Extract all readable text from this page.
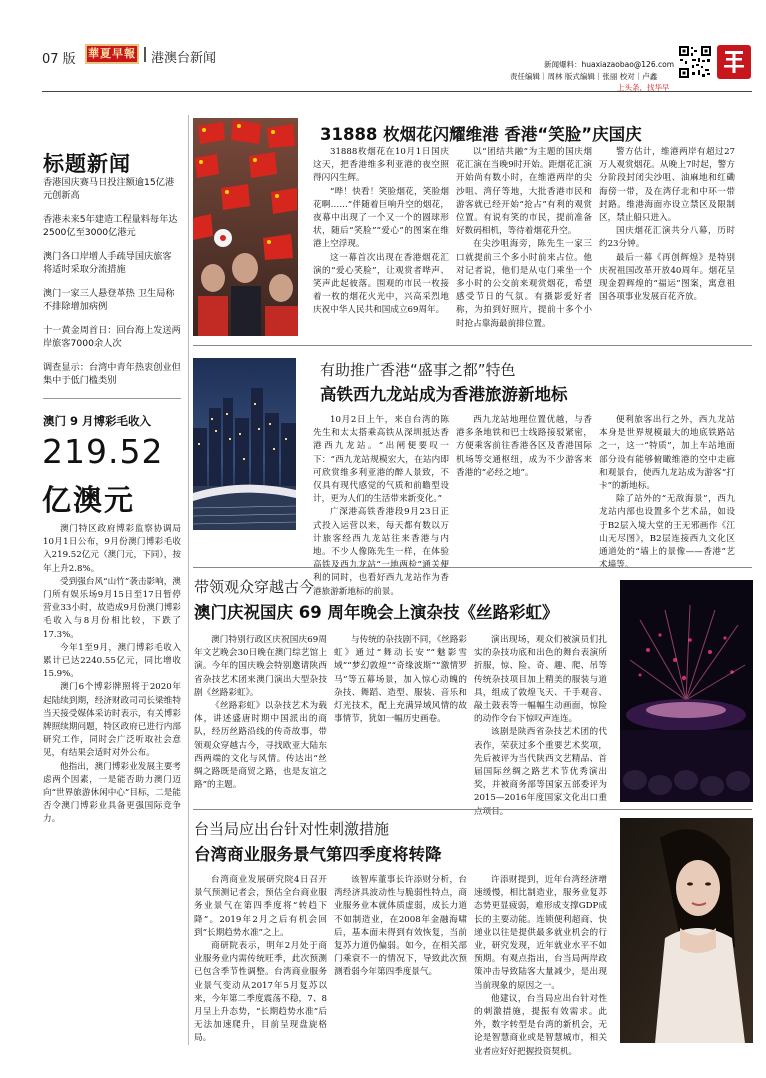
07 版 華夏早報 港澳台新闻	新闻爆料：huaxiazaobao@126.com
责任编辑｜周林 版式编辑｜张丽 校对｜卢鑫
上头条，找华早
标题新闻

香港国庆赛马日投注额逾15亿港元创新高

香港未来5年建造工程量料每年达2500亿至3000亿港元

澳门各口岸增人手疏导国庆旅客 将适时采取分流措施

澳门一家三人悬登革热 卫生局称不排除增加病例

十一黄金周首日：回台海上发送两岸旅客7000余人次

调查显示：台湾中青年热衷创业但集中于低门槛类别

澳门 9 月博彩毛收入
219.52
亿澳元

澳门特区政府博彩监察协调局10月1日公布，9月份澳门博彩毛收入219.52亿元（澳门元，下同），按年上升2.8%。

受到强台风“山竹”袭击影响，澳门所有娱乐场9月15日至17日暂停营业33小时，故造成9月份澳门博彩毛收入与8月份相比较，下跌了17.3%。

今年1至9月，澳门博彩毛收入累计已达2240.55亿元，同比增收15.9%。

澳门6个博彩牌照将于2020年起陆续到期，经济财政司司长梁维特当天接受媒体采访时表示，有关博彩牌照续期问题，特区政府已进行内部研究工作，同时会广泛听取社会意见，有结果会适时对外公布。

他指出，澳门博彩业发展主要考虑两个因素，一是能否助力澳门迈向“世界旅游休闲中心”目标，二是能否令澳门博彩业具备更强国际竞争力。

31888 枚烟花闪耀维港 香港“笑脸”庆国庆

31888枚烟花在10月1日国庆这天，把香港维多利亚港的夜空照得闪闪生辉。

“哗！快看！笑脸烟花，笑脸烟花啊……”伴随着巨响升空的烟花，夜幕中出现了一个又一个的圆球形状，随后“笑脸”“爱心”的图案在维港上空浮现。

这一幕首次出现在香港烟花汇演的“爱心笑脸”，让观赏者哗声、笑声此起彼落。围观的市民一枚接着一枚的烟花火光中，兴高采烈地庆祝中华人民共和国成立69周年。

以“团结共融”为主题的国庆烟花汇演在当晚9时开始。距烟花汇演开始尚有数小时，在维港两岸的尖沙咀、湾仔等地，大批香港市民和游客就已经开始“抢占”有利的观赏位置。有说有笑的市民，提前准备好数码相机，等待着烟花升空。

在尖沙咀海旁，陈先生一家三口就提前三个多小时前来占位。他对记者说，他们是从屯门乘坐一个多小时的公交前来观赏烟花，希望感受节日的气氛。有摄影爱好者称，为拍到好照片，提前十多个小时抢占靠海最前排位置。

警方估计，维港两岸有超过27万人观赏烟花。从晚上7时起，警方分阶段封闭尖沙咀、油麻地和红磡海傍一带，及在湾仔北和中环一带封路。维港海面亦设立禁区及限制区，禁止船只进入。

国庆烟花汇演共分八幕，历时约23分钟。

最后一幕《再创辉煌》是特别庆祝祖国改革开放40周年。烟花呈现金碧辉煌的“福运”图案，寓意祖国各项事业发展百花齐放。

有助推广香港“盛事之都”特色
高铁西九龙站成为香港旅游新地标

10月2日上午，来自台湾的陈先生和太太搭乘高铁从深圳抵达香港西九龙站。“出闸便要叹一下：“西九龙站规模宏大，在站内即可欣赏维多利亚港的醉人景致，不仅具有现代感觉的气质和前瞻型设计，更为人们的生活带来新变化。”

广深港高铁香港段9月23日正式投入运营以来，每天都有数以万计旅客经西九龙站往来香港与内地。不少人像陈先生一样，在体验高铁及西九龙站“一地两检”通关便利的同时，也看好西九龙站作为香港旅游新地标的前景。

西九龙站地理位置优越，与香港多条地铁和巴士线路接驳紧密，方便乘客前往香港各区及香港国际机场等交通枢纽，成为不少游客来香港的“必经之地”。

便利旅客出行之外，西九龙站本身是世界规模最大的地底铁路站之一，这一“特质”，加上车站地面部分设有能够俯瞰维港的空中走廊和观景台，使西九龙站成为游客“打卡”的新地标。

除了站外的“无敌海景”，西九龙站内部也设置多个艺术品，如设于B2层入境大堂的王无邪画作《江山无尽图》，B2层连接西九文化区通道处的“墙上的景像——香港”艺术墙等。

带领观众穿越古今
澳门庆祝国庆 69 周年晚会上演杂技《丝路彩虹》

澳门特别行政区庆祝国庆69周年文艺晚会30日晚在澳门综艺馆上演。今年的国庆晚会特别邀请陕西省杂技艺术团来澳门演出大型杂技剧《丝路彩虹》。

《丝路彩虹》以杂技艺术为载体，讲述盛唐时期中国派出的商队，经历丝路沿线的传奇故事，带领观众穿越古今，寻找欧亚大陆东西两端的文化与风情。传达出“丝绸之路既是商贸之路，也是友谊之路”的主题。

与传统的杂技剧不同，《丝路彩虹》通过“舞动长安”“魅影雪域”“梦幻敦煌”“奇缘波斯”“激情罗马”等五幕场景，加入惊心动魄的杂技、舞蹈、造型、服装、音乐和灯光技术，配上充满异域风情的故事情节，犹如一幅历史画卷。

演出现场，观众们被演员们扎实的杂技功底和出色的舞台表演所折服，惊、险、奇、趣、爬、吊等传统杂技项目加上精美的服装与道具，组成了敦煌飞天、千手观音、敲土鼓表等一幅幅生动画面，惊险的动作令台下惊叹声连连。

该剧是陕西省杂技艺术团的代表作，荣获过多个重要艺术奖项，先后被评为当代陕西文艺精品、首届国际丝绸之路艺术节优秀演出奖，并被商务部等国家五部委评为2015—2016年度国家文化出口重点项目。

台当局应出台针对性刺激措施
台湾商业服务景气第四季度将转降

台湾商业发展研究院4日召开景气预测记者会，预估全台商业服务业景气在第四季度将“转趋下降”。2019年2月之后有机会回到“长期趋势水准”之上。

商研院表示，明年2月处于商业服务业内需传统旺季，此次预测已包含季节性调整。台湾商业服务业景气变动从2017年5月复苏以来，今年第二季度震荡不稳，7、8月呈上升态势，“长期趋势水准”后无法加速爬升，目前呈现盘旋格局。

该智库董事长许添财分析，台湾经济具波动性与脆弱性特点，商业服务业本就体质虚弱，成长力道不如制造业，在2008年金融海啸后，基本面未得到有效恢复，当前复苏力道仍偏弱。如今，在相关部门乘衰不一的情况下，导致此次预测看弱今年第四季度景气。

许添财提到，近年台湾经济增速缓慢，相比制造业，服务业复苏态势更显疲弱，难形成支撑GDP成长的主要动能。连锁便利超商、快递业以往是提供最多就业机会的行业，研究发现，近年就业水平不如预期。有观点指出，台当局两岸政策冲击导致陆客大量减少，是出现当前现象的原因之一。

他建议，台当局应出台针对性的刺激措施，提振有效需求。此外，数字转型是台湾的新机会，无论是智慧商业或是智慧城市，相关业者应好好把握投资契机。
